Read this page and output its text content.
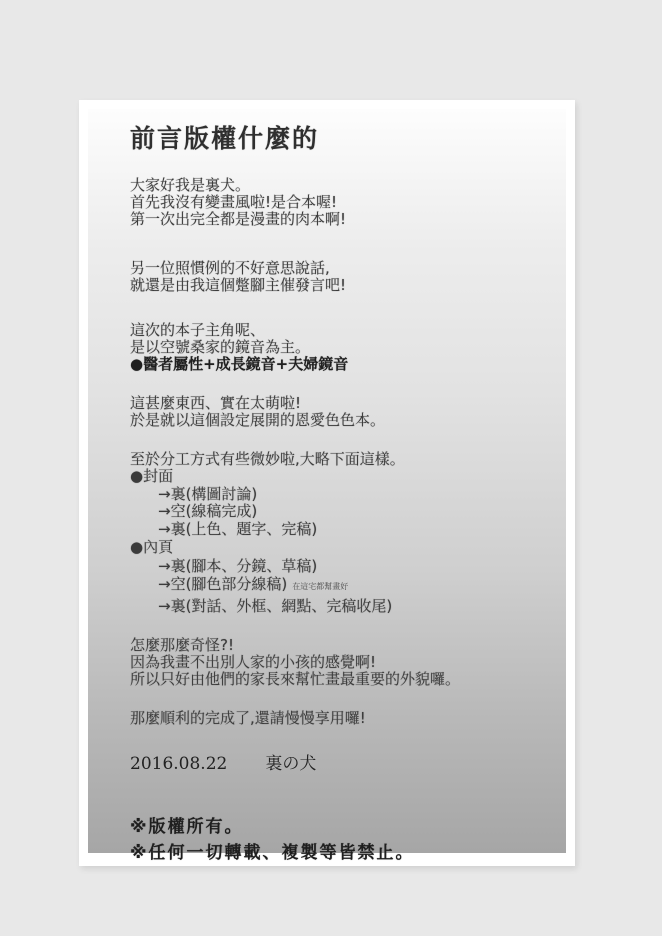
前言版權什麼的
大家好我是裏犬。
首先我沒有變畫風啦!是合本喔!
第一次出完全都是漫畫的肉本啊!
另一位照慣例的不好意思說話,
就還是由我這個蹩腳主催發言吧!
這次的本子主角呢、
是以空號桑家的鏡音為主。
●醫者屬性+成長鏡音+夫婦鏡音
這甚麼東西、實在太萌啦!
於是就以這個設定展開的恩愛色色本。
至於分工方式有些微妙啦,大略下面這樣。
●封面
→裏(構圖討論)
→空(線稿完成)
→裏(上色、題字、完稿)
●內頁
→裏(腳本、分鏡、草稿)
→空(腳色部分線稿) 在這宅都幫畫好
→裏(對話、外框、網點、完稿收尾)
怎麼那麼奇怪?!
因為我畫不出別人家的小孩的感覺啊!
所以只好由他們的家長來幫忙畫最重要的外貌囉。
那麼順利的完成了,還請慢慢享用囉!
2016.08.22 裏の犬
※版權所有。
※任何一切轉載、複製等皆禁止。
